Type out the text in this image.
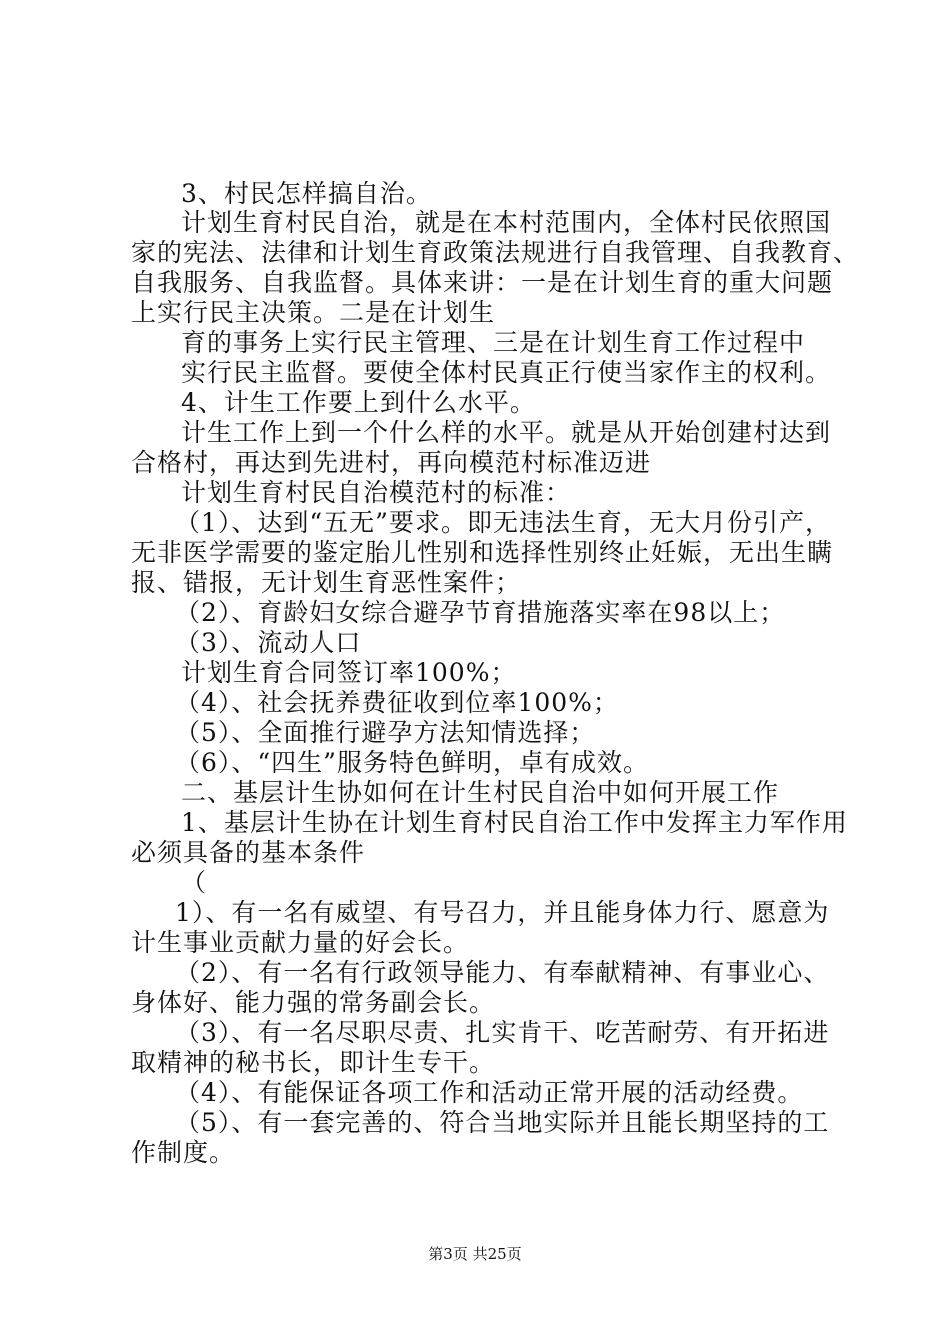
3、村民怎样搞自治。
计划生育村民自治，就是在本村范围内，全体村民依照国
家的宪法、法律和计划生育政策法规进行自我管理、自我教育、
自我服务、自我监督。具体来讲：一是在计划生育的重大问题
上实行民主决策。二是在计划生
育的事务上实行民主管理、三是在计划生育工作过程中
实行民主监督。要使全体村民真正行使当家作主的权利。
4、计生工作要上到什么水平。
计生工作上到一个什么样的水平。就是从开始创建村达到
合格村，再达到先进村，再向模范村标准迈进
计划生育村民自治模范村的标准：
（1）、达到“五无”要求。即无违法生育，无大月份引产，
无非医学需要的鉴定胎儿性别和选择性别终止妊娠，无出生瞒
报、错报，无计划生育恶性案件；
（2）、育龄妇女综合避孕节育措施落实率在98以上；
（3）、流动人口
计划生育合同签订率100%；
（4）、社会抚养费征收到位率100%；
（5）、全面推行避孕方法知情选择；
（6）、“四生”服务特色鲜明，卓有成效。
二、基层计生协如何在计生村民自治中如何开展工作
1、基层计生协在计划生育村民自治工作中发挥主力军作用
必须具备的基本条件
（
1）、有一名有威望、有号召力，并且能身体力行、愿意为
计生事业贡献力量的好会长。
（2）、有一名有行政领导能力、有奉献精神、有事业心、
身体好、能力强的常务副会长。
（3）、有一名尽职尽责、扎实肯干、吃苦耐劳、有开拓进
取精神的秘书长，即计生专干。
（4）、有能保证各项工作和活动正常开展的活动经费。
（5）、有一套完善的、符合当地实际并且能长期坚持的工
作制度。
第3页 共25页
